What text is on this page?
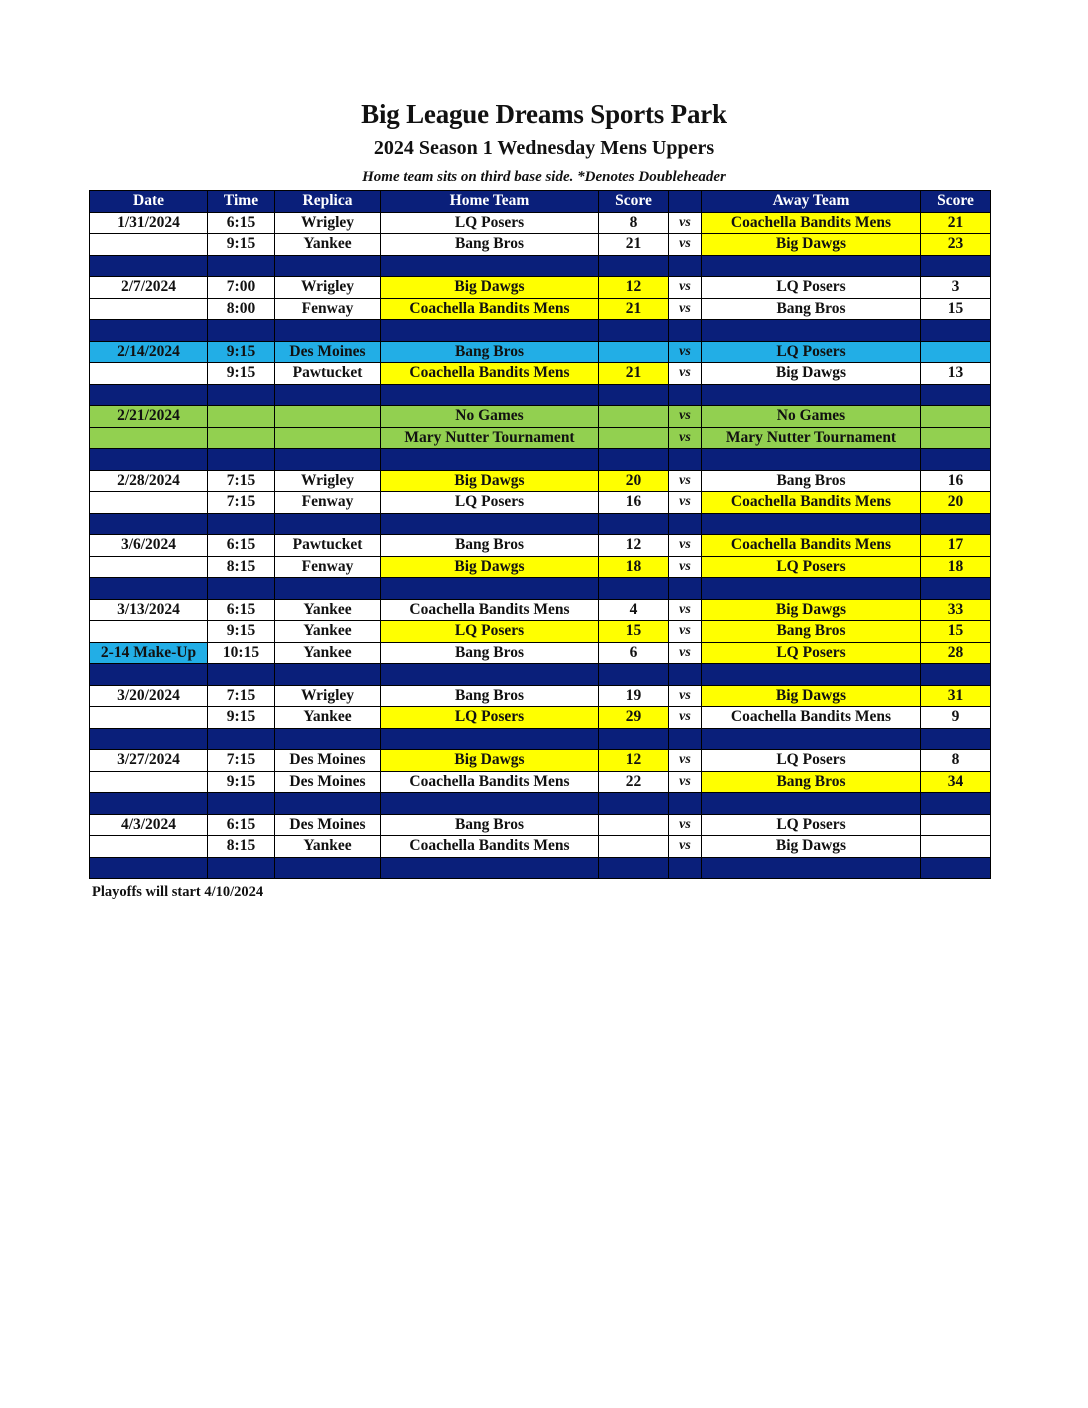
Big League Dreams Sports Park
2024 Season 1 Wednesday Mens Uppers
Home team sits on third base side. *Denotes Doubleheader
Date	Time	Replica	Home Team	Score		Away Team	Score
1/31/2024	6:15	Wrigley	LQ Posers	8	vs	Coachella Bandits Mens	21
	9:15	Yankee	Bang Bros	21	vs	Big Dawgs	23

2/7/2024	7:00	Wrigley	Big Dawgs	12	vs	LQ Posers	3
	8:00	Fenway	Coachella Bandits Mens	21	vs	Bang Bros	15

2/14/2024	9:15	Des Moines	Bang Bros		vs	LQ Posers	
	9:15	Pawtucket	Coachella Bandits Mens	21	vs	Big Dawgs	13

2/21/2024			No Games		vs	No Games	
			Mary Nutter Tournament		vs	Mary Nutter Tournament	

2/28/2024	7:15	Wrigley	Big Dawgs	20	vs	Bang Bros	16
	7:15	Fenway	LQ Posers	16	vs	Coachella Bandits Mens	20

3/6/2024	6:15	Pawtucket	Bang Bros	12	vs	Coachella Bandits Mens	17
	8:15	Fenway	Big Dawgs	18	vs	LQ Posers	18

3/13/2024	6:15	Yankee	Coachella Bandits Mens	4	vs	Big Dawgs	33
	9:15	Yankee	LQ Posers	15	vs	Bang Bros	15
2-14 Make-Up	10:15	Yankee	Bang Bros	6	vs	LQ Posers	28

3/20/2024	7:15	Wrigley	Bang Bros	19	vs	Big Dawgs	31
	9:15	Yankee	LQ Posers	29	vs	Coachella Bandits Mens	9

3/27/2024	7:15	Des Moines	Big Dawgs	12	vs	LQ Posers	8
	9:15	Des Moines	Coachella Bandits Mens	22	vs	Bang Bros	34

4/3/2024	6:15	Des Moines	Bang Bros		vs	LQ Posers	
	8:15	Yankee	Coachella Bandits Mens		vs	Big Dawgs	

Playoffs will start 4/10/2024
